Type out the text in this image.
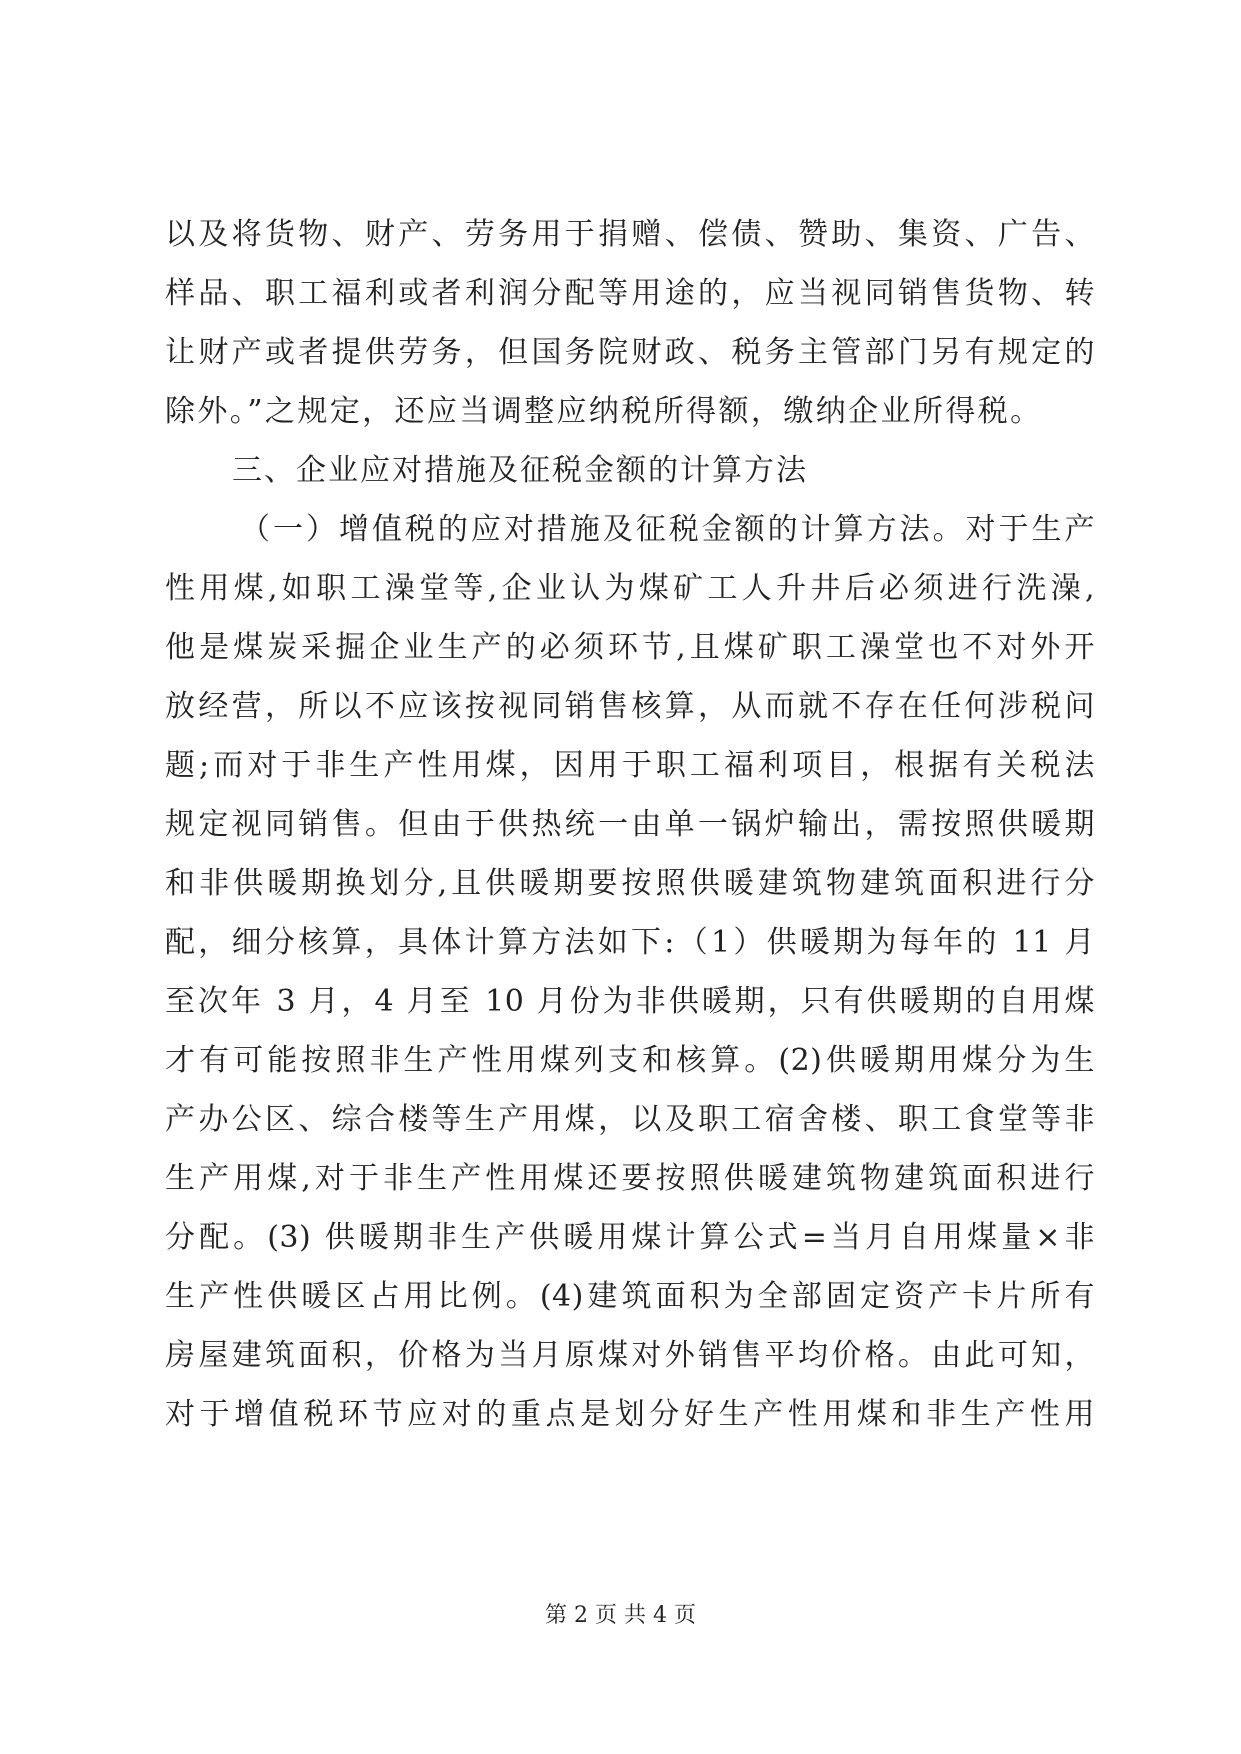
以及将货物、财产、劳务用于捐赠、偿债、赞助、集资、广告、
样品、职工福利或者利润分配等用途的，应当视同销售货物、转
让财产或者提供劳务，但国务院财政、税务主管部门另有规定的
除外。”之规定，还应当调整应纳税所得额，缴纳企业所得税。
三、企业应对措施及征税金额的计算方法
（一）增值税的应对措施及征税金额的计算方法。对于生产
性用煤,如职工澡堂等,企业认为煤矿工人升井后必须进行洗澡,
他是煤炭采掘企业生产的必须环节,且煤矿职工澡堂也不对外开
放经营，所以不应该按视同销售核算，从而就不存在任何涉税问
题;而对于非生产性用煤，因用于职工福利项目，根据有关税法
规定视同销售。但由于供热统一由单一锅炉输出，需按照供暖期
和非供暖期换划分,且供暖期要按照供暖建筑物建筑面积进行分
配，细分核算，具体计算方法如下:（1）供暖期为每年的 11 月
至次年 3 月，4 月至 10 月份为非供暖期，只有供暖期的自用煤
才有可能按照非生产性用煤列支和核算。(2)供暖期用煤分为生
产办公区、综合楼等生产用煤，以及职工宿舍楼、职工食堂等非
生产用煤,对于非生产性用煤还要按照供暖建筑物建筑面积进行
分配。(3) 供暖期非生产供暖用煤计算公式=当月自用煤量×非
生产性供暖区占用比例。(4)建筑面积为全部固定资产卡片所有
房屋建筑面积，价格为当月原煤对外销售平均价格。由此可知，
对于增值税环节应对的重点是划分好生产性用煤和非生产性用
第 2 页 共 4 页
